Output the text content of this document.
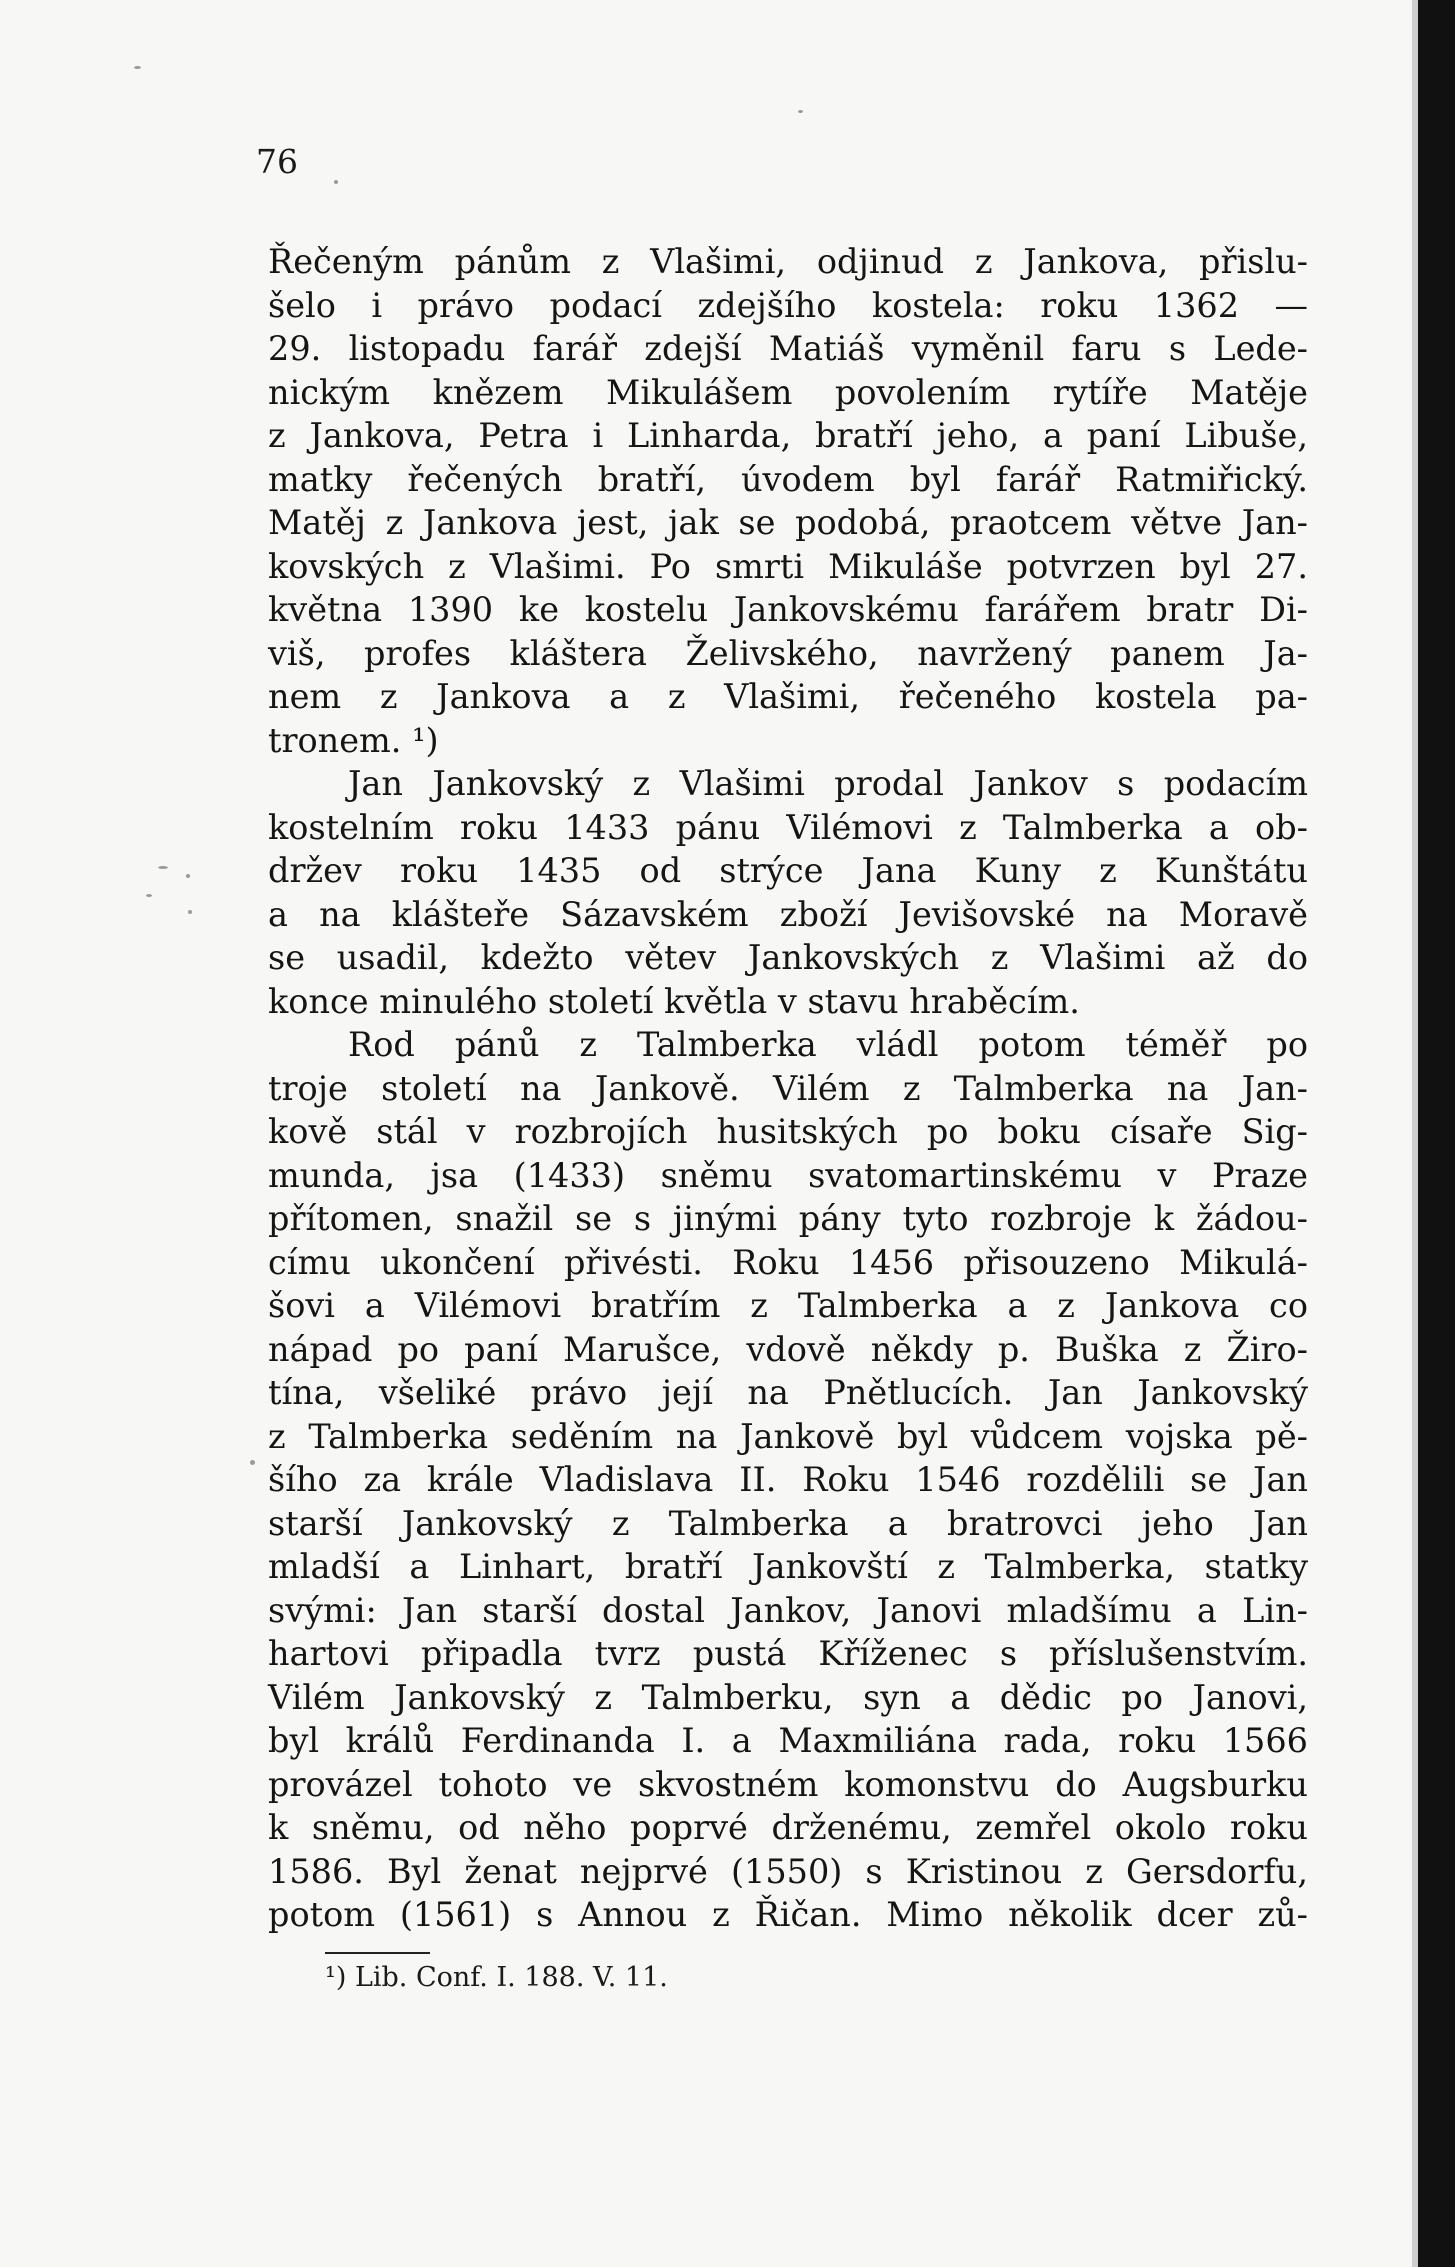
76

Řečeným pánům z Vlašimi, odjinud z Jankova, přislu-
šelo i právo podací zdejšího kostela: roku 1362 —
29. listopadu farář zdejší Matiáš vyměnil faru s Lede-
nickým knězem Mikulášem povolením rytíře Matěje
z Jankova, Petra i Linharda, bratří jeho, a paní Libuše,
matky řečených bratří, úvodem byl farář Ratmiřický.
Matěj z Jankova jest, jak se podobá, praotcem větve Jan-
kovských z Vlašimi. Po smrti Mikuláše potvrzen byl 27.
května 1390 ke kostelu Jankovskému farářem bratr Di-
viš, profes kláštera Želivského, navržený panem Ja-
nem z Jankova a z Vlašimi, řečeného kostela pa-
tronem. ¹)
Jan Jankovský z Vlašimi prodal Jankov s podacím
kostelním roku 1433 pánu Vilémovi z Talmberka a ob-
držev roku 1435 od strýce Jana Kuny z Kunštátu
a na klášteře Sázavském zboží Jevišovské na Moravě
se usadil, kdežto větev Jankovských z Vlašimi až do
konce minulého století květla v stavu hraběcím.
Rod pánů z Talmberka vládl potom téměř po
troje století na Jankově. Vilém z Talmberka na Jan-
kově stál v rozbrojích husitských po boku císaře Sig-
munda, jsa (1433) sněmu svatomartinskému v Praze
přítomen, snažil se s jinými pány tyto rozbroje k žádou-
címu ukončení přivésti. Roku 1456 přisouzeno Mikulá-
šovi a Vilémovi bratřím z Talmberka a z Jankova co
nápad po paní Marušce, vdově někdy p. Buška z Žiro-
tína, všeliké právo její na Pnětlucích. Jan Jankovský
z Talmberka seděním na Jankově byl vůdcem vojska pě-
šího za krále Vladislava II. Roku 1546 rozdělili se Jan
starší Jankovský z Talmberka a bratrovci jeho Jan
mladší a Linhart, bratří Jankovští z Talmberka, statky
svými: Jan starší dostal Jankov, Janovi mladšímu a Lin-
hartovi připadla tvrz pustá Kříženec s příslušenstvím.
Vilém Jankovský z Talmberku, syn a dědic po Janovi,
byl králů Ferdinanda I. a Maxmiliána rada, roku 1566
provázel tohoto ve skvostném komonstvu do Augsburku
k sněmu, od něho poprvé drženému, zemřel okolo roku
1586. Byl ženat nejprvé (1550) s Kristinou z Gersdorfu,
potom (1561) s Annou z Řičan. Mimo několik dcer zů-

¹) Lib. Conf. I. 188. V. 11.
